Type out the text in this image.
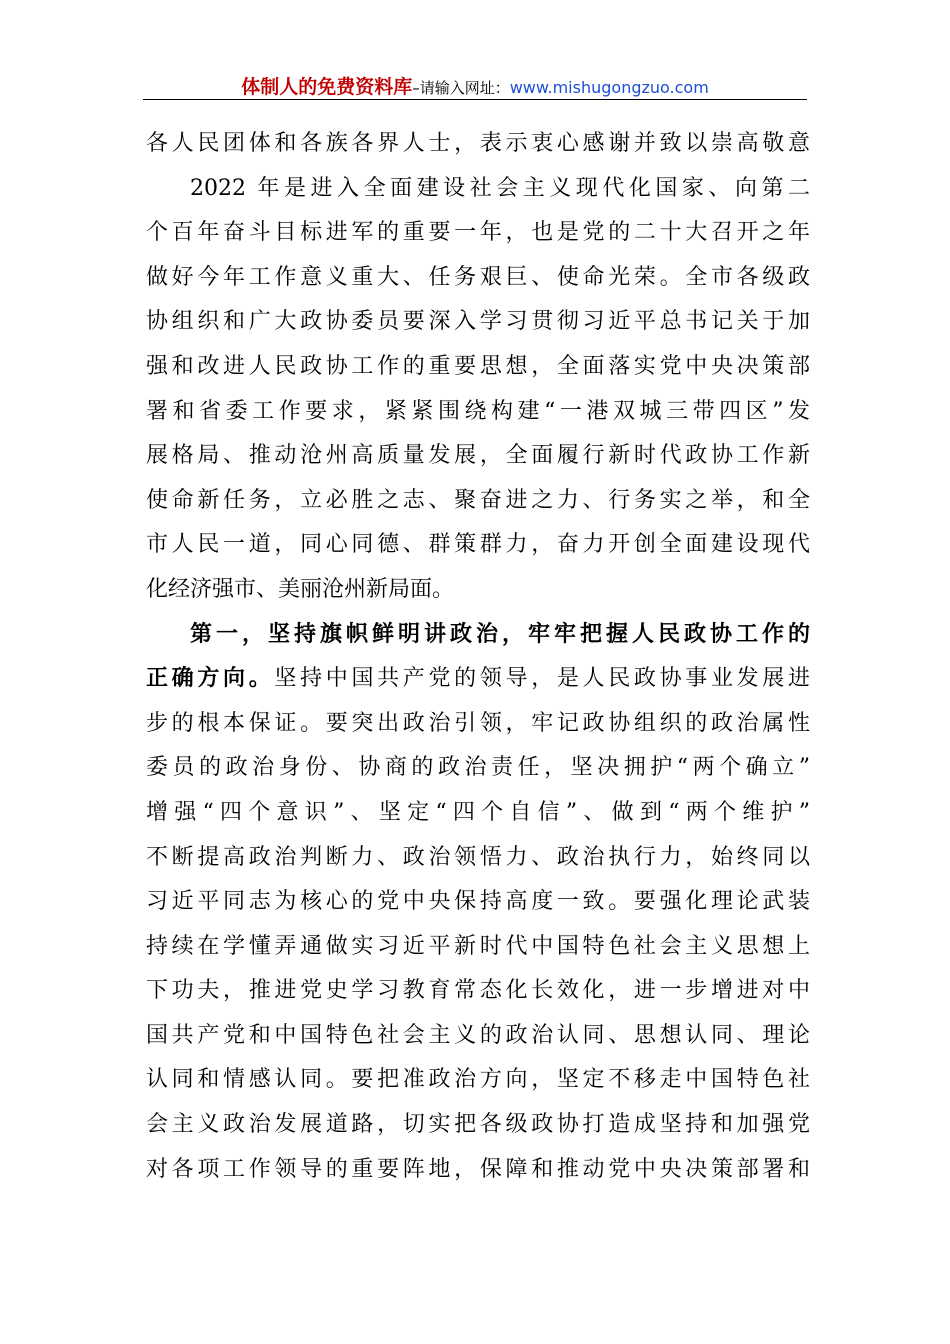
体制人的免费资料库–请输入网址：www.mishugongzuo.com
各人民团体和各族各界人士，表示衷心感谢并致以崇高敬意
2022 年是进入全面建设社会主义现代化国家、向第二
个百年奋斗目标进军的重要一年，也是党的二十大召开之年
做好今年工作意义重大、任务艰巨、使命光荣。全市各级政
协组织和广大政协委员要深入学习贯彻习近平总书记关于加
强和改进人民政协工作的重要思想，全面落实党中央决策部
署和省委工作要求，紧紧围绕构建“一港双城三带四区”发
展格局、推动沧州高质量发展，全面履行新时代政协工作新
使命新任务，立必胜之志、聚奋进之力、行务实之举，和全
市人民一道，同心同德、群策群力，奋力开创全面建设现代
化经济强市、美丽沧州新局面。
第一，坚持旗帜鲜明讲政治，牢牢把握人民政协工作的
正确方向。坚持中国共产党的领导，是人民政协事业发展进
步的根本保证。要突出政治引领，牢记政协组织的政治属性
委员的政治身份、协商的政治责任，坚决拥护“两个确立”
增强“四个意识”、坚定“四个自信”、做到“两个维护”
不断提高政治判断力、政治领悟力、政治执行力，始终同以
习近平同志为核心的党中央保持高度一致。要强化理论武装
持续在学懂弄通做实习近平新时代中国特色社会主义思想上
下功夫，推进党史学习教育常态化长效化，进一步增进对中
国共产党和中国特色社会主义的政治认同、思想认同、理论
认同和情感认同。要把准政治方向，坚定不移走中国特色社
会主义政治发展道路，切实把各级政协打造成坚持和加强党
对各项工作领导的重要阵地，保障和推动党中央决策部署和
